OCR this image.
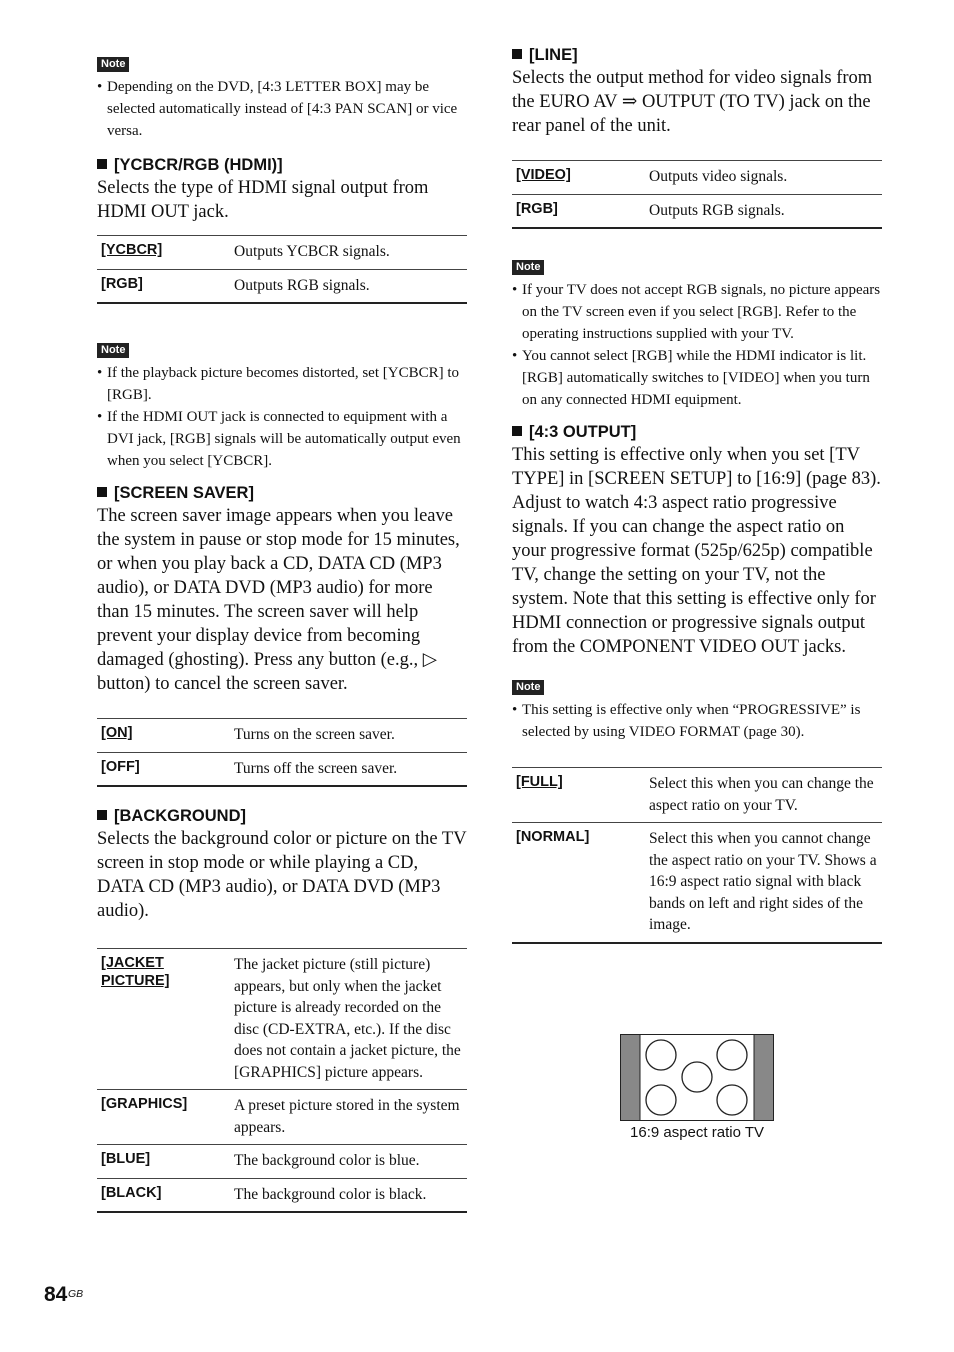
Note
• Depending on the DVD, [4:3 LETTER BOX] may be selected automatically instead of [4:3 PAN SCAN] or vice versa.
[YCBCR/RGB (HDMI)]

Selects the type of HDMI signal output from HDMI OUT jack.

[YCBCR]	Outputs YCBCR signals.
[RGB]	Outputs RGB signals.
Note
• If the playback picture becomes distorted, set [YCBCR] to [RGB].
• If the HDMI OUT jack is connected to equipment with a DVI jack, [RGB] signals will be automatically output even when you select [YCBCR].
[SCREEN SAVER]

The screen saver image appears when you leave the system in pause or stop mode for 15 minutes, or when you play back a CD, DATA CD (MP3 audio), or DATA DVD (MP3 audio) for more than 15 minutes. The screen saver will help prevent your display device from becoming damaged (ghosting). Press any button (e.g., ▷ button) to cancel the screen saver.

[ON]	Turns on the screen saver.
[OFF]	Turns off the screen saver.
[BACKGROUND]

Selects the background color or picture on the TV screen in stop mode or while playing a CD, DATA CD (MP3 audio), or DATA DVD (MP3 audio).

[JACKET PICTURE]	The jacket picture (still picture) appears, but only when the jacket picture is already recorded on the disc (CD-EXTRA, etc.). If the disc does not contain a jacket picture, the [GRAPHICS] picture appears.
[GRAPHICS]	A preset picture stored in the system appears.
[BLUE]	The background color is blue.
[BLACK]	The background color is black.
[LINE]

Selects the output method for video signals from the EURO AV ⇒ OUTPUT (TO TV) jack on the rear panel of the unit.

[VIDEO]	Outputs video signals.
[RGB]	Outputs RGB signals.
Note
• If your TV does not accept RGB signals, no picture appears on the TV screen even if you select [RGB]. Refer to the operating instructions supplied with your TV.
• You cannot select [RGB] while the HDMI indicator is lit. [RGB] automatically switches to [VIDEO] when you turn on any connected HDMI equipment.
[4:3 OUTPUT]

This setting is effective only when you set [TV TYPE] in [SCREEN SETUP] to [16:9] (page 83). Adjust to watch 4:3 aspect ratio progressive signals. If you can change the aspect ratio on your progressive format (525p/625p) compatible TV, change the setting on your TV, not the system. Note that this setting is effective only for HDMI connection or progressive signals output from the COMPONENT VIDEO OUT jacks.

Note
• This setting is effective only when “PROGRESSIVE” is selected by using VIDEO FORMAT (page 30).
[FULL]	Select this when you can change the aspect ratio on your TV.
[NORMAL]	Select this when you cannot change the aspect ratio on your TV. Shows a 16:9 aspect ratio signal with black bands on left and right sides of the image.
16:9 aspect ratio TV
84 GB
